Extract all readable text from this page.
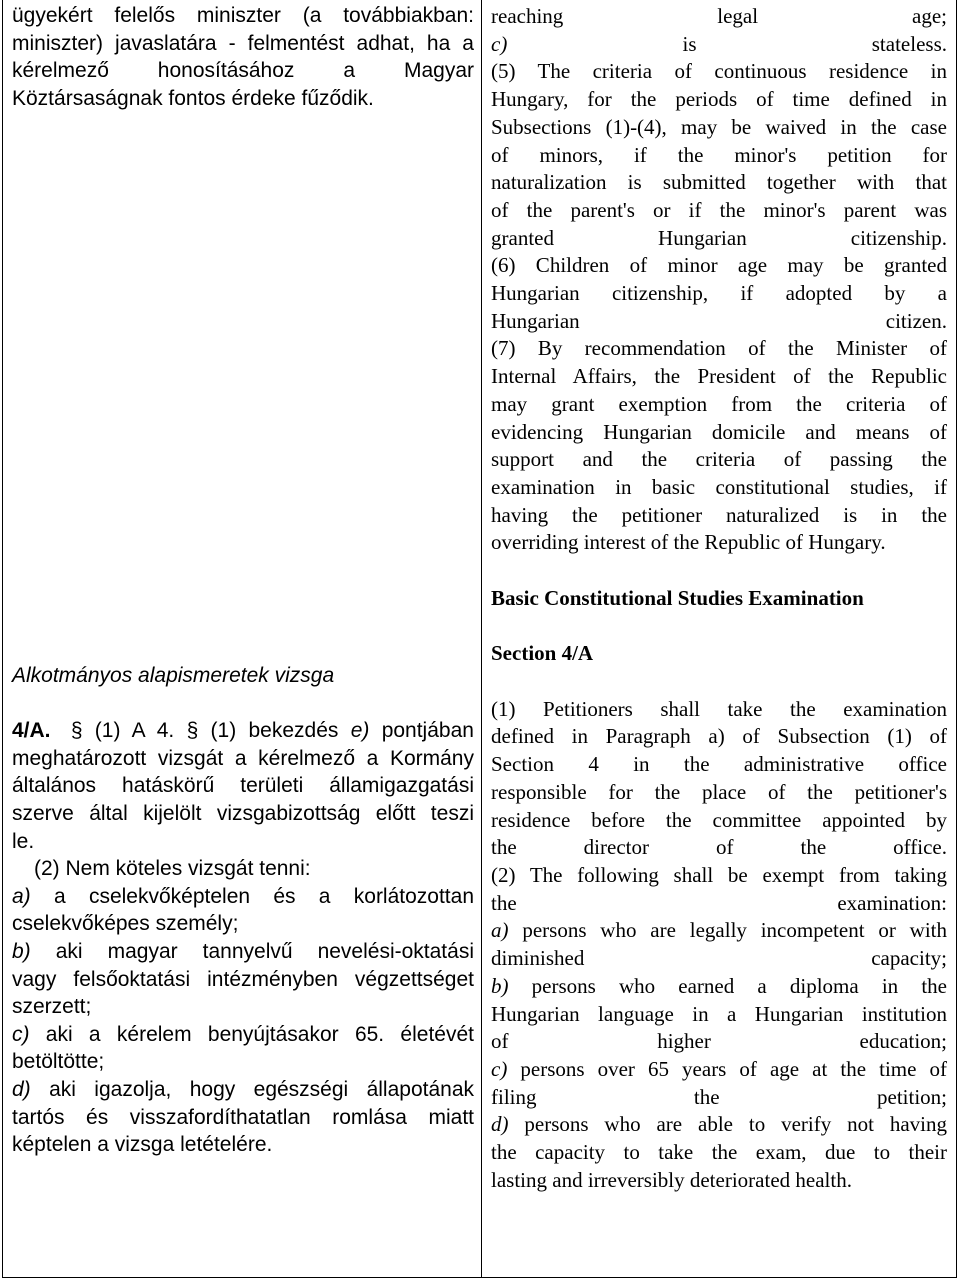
ügyekért felelős miniszter (a továbbiakban:

miniszter) javaslatára - felmentést adhat, ha a

kérelmező honosításához a Magyar

Köztársaságnak fontos érdeke fűződik.

Alkotmányos alapismeretek vizsga

4/A. § (1) A 4. § (1) bekezdés e) pontjában

meghatározott vizsgát a kérelmező a Kormány

általános hatáskörű területi államigazgatási

szerve által kijelölt vizsgabizottság előtt teszi

le.

(2) Nem köteles vizsgát tenni:

a) a cselekvőképtelen és a korlátozottan

cselekvőképes személy;

b) aki magyar tannyelvű nevelési-oktatási

vagy felsőoktatási intézményben végzettséget

szerzett;

c) aki a kérelem benyújtásakor 65. életévét

betöltötte;

d) aki igazolja, hogy egészségi állapotának

tartós és visszafordíthatatlan romlása miatt

képtelen a vizsga letételére.

reaching legal age;

c)	is stateless.

(5) The criteria of continuous residence in

Hungary, for the periods of time defined in

Subsections (1)-(4), may be waived in the case

of minors, if the minor's petition for

naturalization is submitted together with that

of the parent's or if the minor's parent was

granted Hungarian citizenship.

(6) Children of minor age may be granted

Hungarian citizenship, if adopted by a

Hungarian citizen.

(7) By recommendation of the Minister of

Internal Affairs, the President of the Republic

may grant exemption from the criteria of

evidencing Hungarian domicile and means of

support and the criteria of passing the

examination in basic constitutional studies, if

having the petitioner naturalized is in the

overriding interest of the Republic of Hungary.

Basic Constitutional Studies Examination

Section 4/A

(1) Petitioners shall take the examination

defined in Paragraph a) of Subsection (1) of

Section 4 in the administrative office

responsible for the place of the petitioner's

residence before the committee appointed by

the director of the office.

(2) The following shall be exempt from taking

the examination:

a) persons who are legally incompetent or with

diminished capacity;

b) persons who earned a diploma in the

Hungarian language in a Hungarian institution

of higher education;

c) persons over 65 years of age at the time of

filing the petition;

d) persons who are able to verify not having

the capacity to take the exam, due to their

lasting and irreversibly deteriorated health.
